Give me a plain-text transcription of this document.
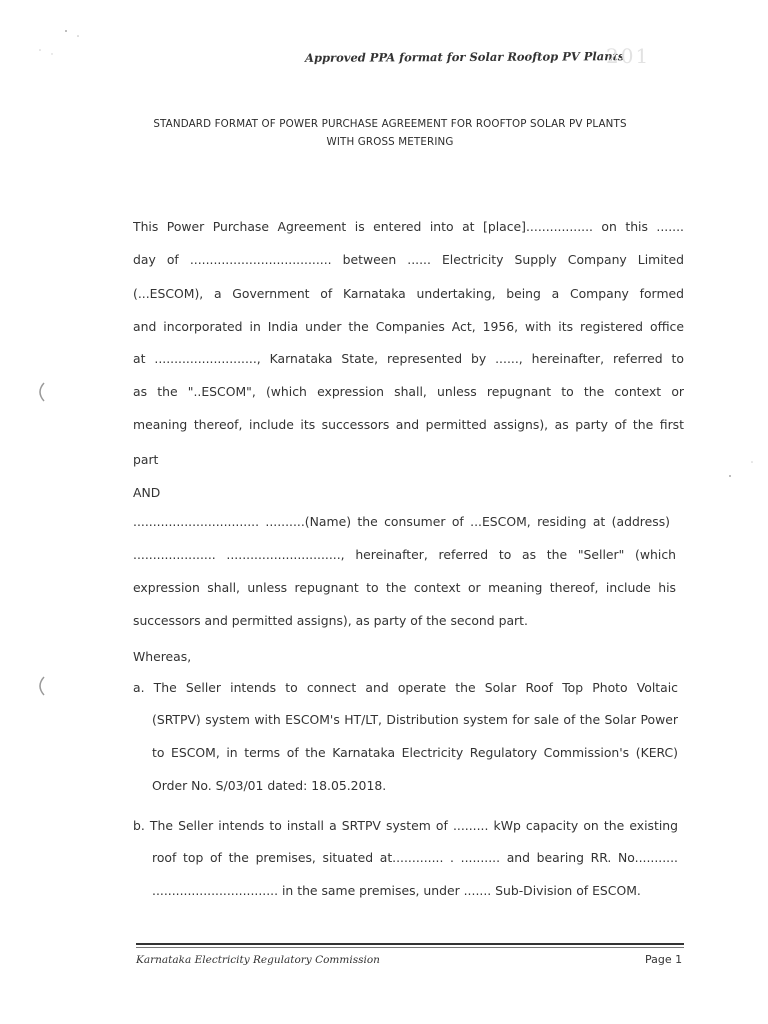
Approved PPA format for Solar Rooftop PV Plants
201
STANDARD FORMAT OF POWER PURCHASE AGREEMENT FOR ROOFTOP SOLAR PV PLANTS
WITH GROSS METERING
This Power Purchase Agreement is entered into at [place]................. on this .......
day of .................................... between ...... Electricity Supply Company Limited
(...ESCOM), a Government of Karnataka undertaking, being a Company formed
and incorporated in India under the Companies Act, 1956, with its registered office
at .........................., Karnataka State, represented by ......, hereinafter, referred to
as the "..ESCOM", (which expression shall, unless repugnant to the context or
meaning thereof, include its successors and permitted assigns), as party of the first
part
AND
................................ ..........(Name) the consumer of ...ESCOM, residing at (address)
..................... ............................., hereinafter, referred to as the "Seller" (which
expression shall, unless repugnant to the context or meaning thereof, include his
successors and permitted assigns), as party of the second part.
Whereas,
a. The Seller intends to connect and operate the Solar Roof Top Photo Voltaic
(SRTPV) system with ESCOM's HT/LT, Distribution system for sale of the Solar Power
to ESCOM, in terms of the Karnataka Electricity Regulatory Commission's (KERC)
Order No. S/03/01 dated: 18.05.2018.
b. The Seller intends to install a SRTPV system of ......... kWp capacity on the existing
roof top of the premises, situated at............. . .......... and bearing RR. No...........
................................ in the same premises, under ....... Sub-Division of ESCOM.
Karnataka Electricity Regulatory Commission	Page 1
